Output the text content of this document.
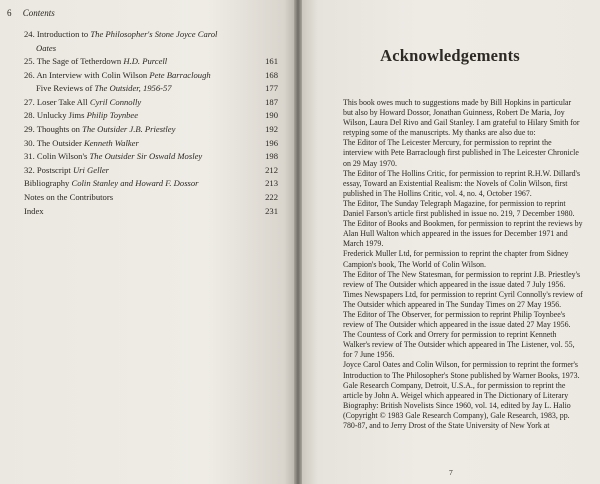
6 Contents
24. Introduction to The Philosopher's Stone Joyce Carol
Oates
25. The Sage of Tetherdown H.D. Purcell	161
26. An Interview with Colin Wilson Pete Barraclough	168
Five Reviews of The Outsider, 1956-57	177
27. Loser Take All Cyril Connolly	187
28. Unlucky Jims Philip Toynbee	190
29. Thoughts on The Outsider J.B. Priestley	192
30. The Outsider Kenneth Walker	196
31. Colin Wilson's The Outsider Sir Oswald Mosley	198
32. Postscript Uri Geller	212
Bibliography Colin Stanley and Howard F. Dossor	213
Notes on the Contributors	222
Index	231
Acknowledgements

This book owes much to suggestions made by Bill Hopkins in particular but also by Howard Dossor, Jonathan Guinness, Robert De Maria, Joy Wilson, Laura Del Rivo and Gail Stanley. I am grateful to Hilary Smith for retyping some of the manuscripts. My thanks are also due to:

The Editor of The Leicester Mercury, for permission to reprint the interview with Pete Barraclough first published in The Leicester Chronicle on 29 May 1970.

The Editor of The Hollins Critic, for permission to reprint R.H.W. Dillard's essay, Toward an Existential Realism: the Novels of Colin Wilson, first published in The Hollins Critic, vol. 4, no. 4, October 1967.

The Editor, The Sunday Telegraph Magazine, for permission to reprint Daniel Farson's article first published in issue no. 219, 7 December 1980.

The Editor of Books and Bookmen, for permission to reprint the reviews by Alan Hull Walton which appeared in the issues for December 1971 and March 1979.

Frederick Muller Ltd, for permission to reprint the chapter from Sidney Campion's book, The World of Colin Wilson.

The Editor of The New Statesman, for permission to reprint J.B. Priestley's review of The Outsider which appeared in the issue dated 7 July 1956.

Times Newspapers Ltd, for permission to reprint Cyril Connolly's review of The Outsider which appeared in The Sunday Times on 27 May 1956.

The Editor of The Observer, for permission to reprint Philip Toynbee's review of The Outsider which appeared in the issue dated 27 May 1956.

The Countess of Cork and Orrery for permission to reprint Kenneth Walker's review of The Outsider which appeared in The Listener, vol. 55, for 7 June 1956.

Joyce Carol Oates and Colin Wilson, for permission to reprint the former's Introduction to The Philosopher's Stone published by Warner Books, 1973.

Gale Research Company, Detroit, U.S.A., for permission to reprint the article by John A. Weigel which appeared in The Dictionary of Literary Biography: British Novelists Since 1960, vol. 14, edited by Jay L. Halio (Copyright © 1983 Gale Research Company), Gale Research, 1983, pp. 780-87, and to Jerry Drost of the State University of New York at

7
